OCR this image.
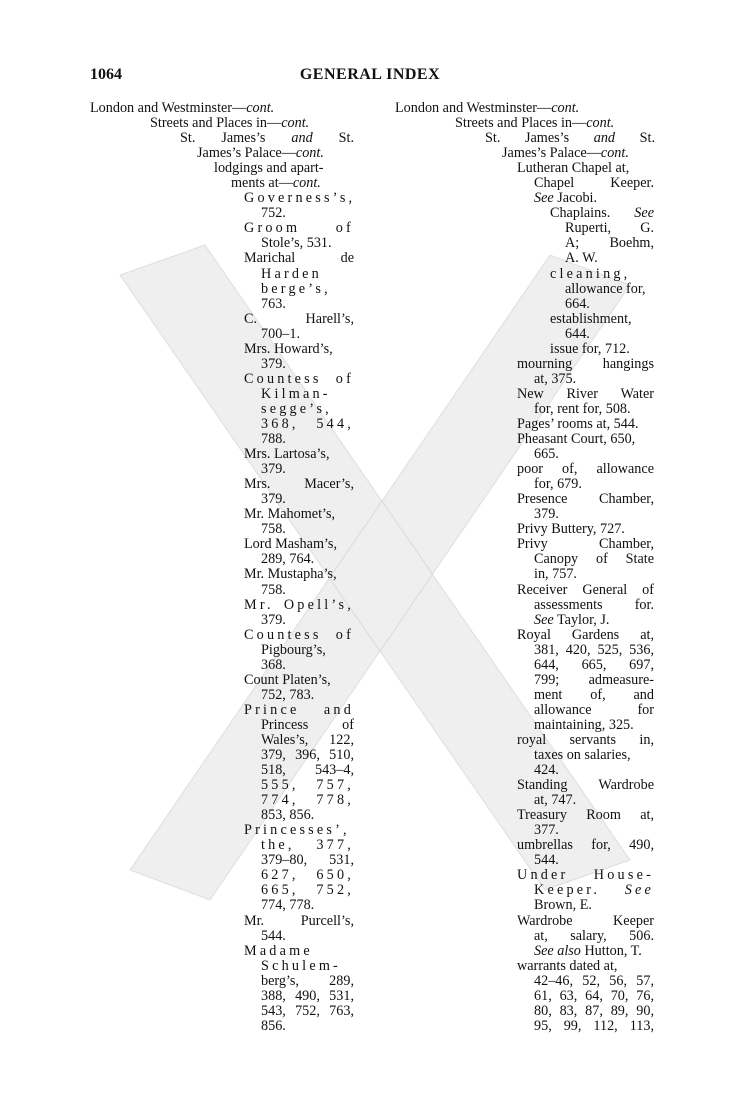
1064	GENERAL INDEX
London and Westminster—cont.
Streets and Places in—cont.
St. James’s and St.
James’s Palace—cont.
lodgings and apart-
ments at—cont.
Governess’s,
752.
Groom of
Stole’s, 531.
Marichal de
Harden
berge’s,
763.
C. Harell’s,
700–1.
Mrs. Howard’s,
379.
Countess of
Kilman-
segge’s,
368, 544,
788.
Mrs. Lartosa’s,
379.
Mrs. Macer’s,
379.
Mr. Mahomet’s,
758.
Lord Masham’s,
289, 764.
Mr. Mustapha’s,
758.
Mr. Opell’s,
379.
Countess of
Pigbourg’s,
368.
Count Platen’s,
752, 783.
Prince and
Princess of
Wales’s, 122,
379, 396, 510,
518, 543–4,
555, 757,
774, 778,
853, 856.
Princesses’,
the, 377,
379–80, 531,
627, 650,
665, 752,
774, 778.
Mr. Purcell’s,
544.
Madame
Schulem-
berg’s, 289,
388, 490, 531,
543, 752, 763,
856.
London and Westminster—cont.
Streets and Places in—cont.
St. James’s and St.
James’s Palace—cont.
Lutheran Chapel at,
Chapel Keeper.
See Jacobi.
Chaplains. See
Ruperti, G.
A; Boehm,
A. W.
cleaning,
allowance for,
664.
establishment,
644.
issue for, 712.
mourning hangings
at, 375.
New River Water
for, rent for, 508.
Pages’ rooms at, 544.
Pheasant Court, 650,
665.
poor of, allowance
for, 679.
Presence Chamber,
379.
Privy Buttery, 727.
Privy Chamber,
Canopy of State
in, 757.
Receiver General of
assessments for.
See Taylor, J.
Royal Gardens at,
381, 420, 525, 536,
644, 665, 697,
799; admeasure-
ment of, and
allowance for
maintaining, 325.
royal servants in,
taxes on salaries,
424.
Standing Wardrobe
at, 747.
Treasury Room at,
377.
umbrellas for, 490,
544.
Under House-
Keeper. See
Brown, E.
Wardrobe Keeper
at, salary, 506.
See also Hutton, T.
warrants dated at,
42–46, 52, 56, 57,
61, 63, 64, 70, 76,
80, 83, 87, 89, 90,
95, 99, 112, 113,
